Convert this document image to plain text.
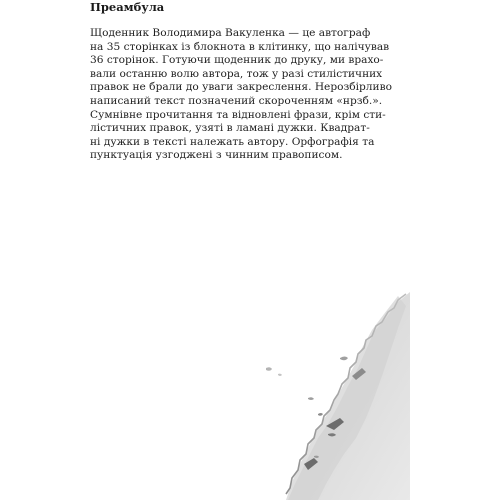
Преамбула

Щоденник Володимира Вакуленка — це автограф
на 35 сторінках із блокнота в клітинку, що налічував
36 сторінок. Готуючи щоденник до друку, ми врахо-
вали останню волю автора, тож у разі стилістичних
правок не брали до уваги закреслення. Нерозбірливо
написаний текст позначений скороченням «нрзб.».
Сумнівне прочитання та відновлені фрази, крім сти-
лістичних правок, узяті в ламані дужки. Квадрат-
ні дужки в тексті належать автору. Орфографія та
пунктуація узгоджені з чинним правописом.
